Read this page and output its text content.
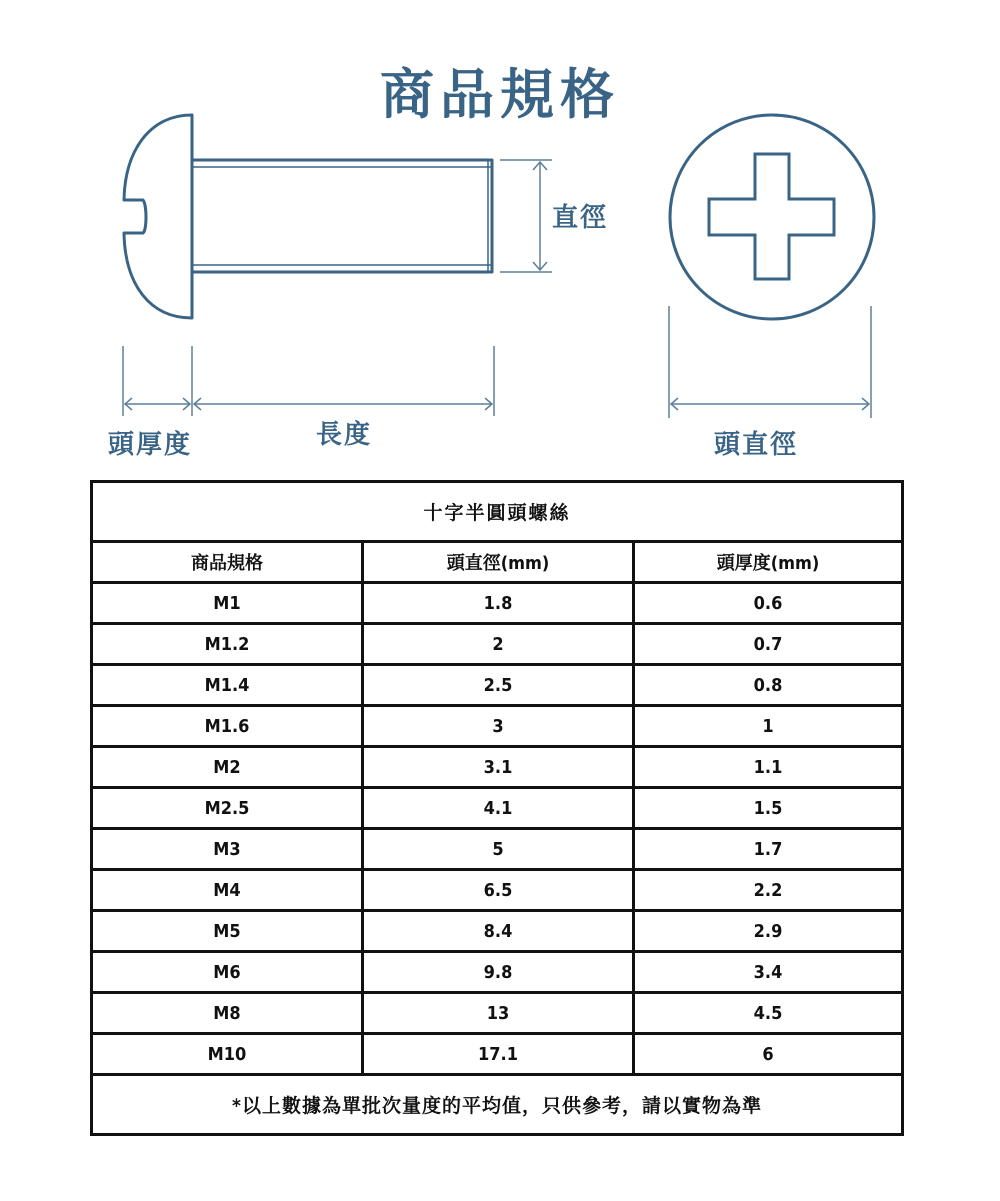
商品規格
直徑
頭厚度	長度	頭直徑
十字半圓頭螺絲		
商品規格	頭直徑(mm)	頭厚度(mm)
M1	1.8	0.6
M1.2	2	0.7
M1.4	2.5	0.8
M1.6	3	1
M2	3.1	1.1
M2.5	4.1	1.5
M3	5	1.7
M4	6.5	2.2
M5	8.4	2.9
M6	9.8	3.4
M8	13	4.5
M10	17.1	6
*以上數據為單批次量度的平均值，只供參考，請以實物為準		
